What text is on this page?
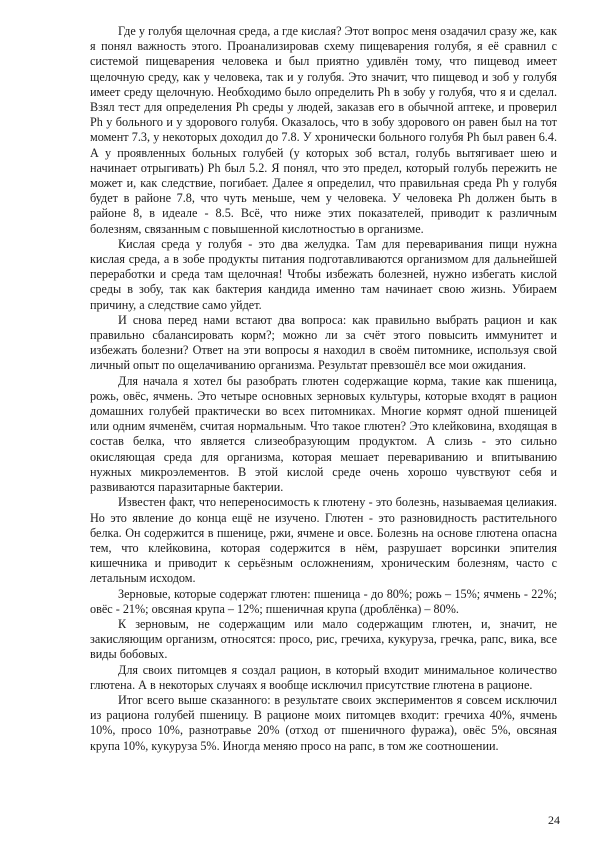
Где у голубя щелочная среда, а где кислая? Этот вопрос меня озадачил сразу же, как я понял важность этого. Проанализировав схему пищеварения голубя, я её сравнил с системой пищеварения человека и был приятно удивлён тому, что пищевод имеет щелочную среду, как у человека, так и у голубя. Это значит, что пищевод и зоб у голубя имеет среду щелочную. Необходимо было определить Ph в зобу у голубя, что я и сделал. Взял тест для определения Ph среды у людей, заказав его в обычной аптеке, и проверил Ph у больного и у здорового голубя. Оказалось, что в зобу здорового он равен был на тот момент 7.3, у некоторых доходил до 7.8. У хронически больного голубя Ph был равен 6.4. А у проявленных больных голубей (у которых зоб встал, голубь вытягивает шею и начинает отрыгивать) Ph был 5.2. Я понял, что это предел, который голубь пережить не может и, как следствие, погибает. Далее я определил, что правильная среда Ph у голубя будет в районе 7.8, что чуть меньше, чем у человека. У человека Ph должен быть в районе 8, в идеале - 8.5. Всё, что ниже этих показателей, приводит к различным болезням, связанным с повышенной кислотностью в организме.

Кислая среда у голубя - это два желудка. Там для переваривания пищи нужна кислая среда, а в зобе продукты питания подготавливаются организмом для дальнейшей переработки и среда там щелочная! Чтобы избежать болезней, нужно избегать кислой среды в зобу, так как бактерия кандида именно там начинает свою жизнь. Убираем причину, а следствие само уйдет.

И снова перед нами встают два вопроса: как правильно выбрать рацион и как правильно сбалансировать корм?; можно ли за счёт этого повысить иммунитет и избежать болезни? Ответ на эти вопросы я находил в своём питомнике, используя свой личный опыт по ощелачиванию организма. Результат превзошёл все мои ожидания.

Для начала я хотел бы разобрать глютен содержащие корма, такие как пшеница, рожь, овёс, ячмень. Это четыре основных зерновых культуры, которые входят в рацион домашних голубей практически во всех питомниках. Многие кормят одной пшеницей или одним ячменём, считая нормальным. Что такое глютен? Это клейковина, входящая в состав белка, что является слизеобразующим продуктом. А слизь - это сильно окисляющая среда для организма, которая мешает перевариванию и впитыванию нужных микроэлементов. В этой кислой среде очень хорошо чувствуют себя и развиваются паразитарные бактерии.

Известен факт, что непереносимость к глютену - это болезнь, называемая целиакия. Но это явление до конца ещё не изучено. Глютен - это разновидность растительного белка. Он содержится в пшенице, ржи, ячмене и овсе. Болезнь на основе глютена опасна тем, что клейковина, которая содержится в нём, разрушает ворсинки эпителия кишечника и приводит к серьёзным осложнениям, хроническим болезням, часто с летальным исходом.

Зерновые, которые содержат глютен: пшеница - до 80%; рожь – 15%; ячмень - 22%; овёс - 21%; овсяная крупа – 12%; пшеничная крупа (дроблёнка) – 80%.

К зерновым, не содержащим или мало содержащим глютен, и, значит, не закисляющим организм, относятся: просо, рис, гречиха, кукуруза, гречка, рапс, вика, все виды бобовых.

Для своих питомцев я создал рацион, в который входит минимальное количество глютена. А в некоторых случаях я вообще исключил присутствие глютена в рационе.

Итог всего выше сказанного: в результате своих экспериментов я совсем исключил из рациона голубей пшеницу. В рационе моих питомцев входит: гречиха 40%, ячмень 10%, просо 10%, разнотравье 20% (отход от пшеничного фуража), овёс 5%, овсяная крупа 10%, кукуруза 5%. Иногда меняю просо на рапс, в том же соотношении.

24
